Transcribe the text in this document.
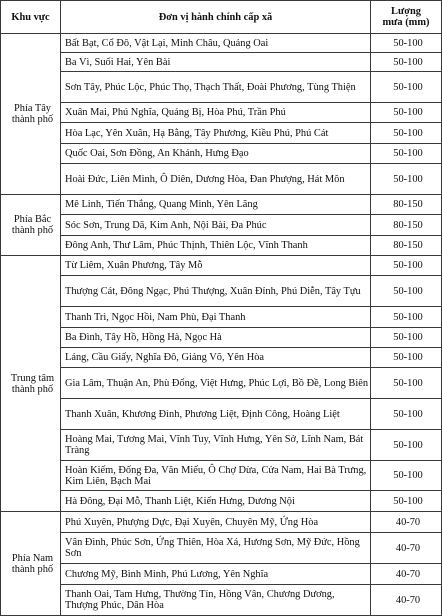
Khu vực	Đơn vị hành chính cấp xã	Lượng
mưa (mm)
Phía Tây
thành phố	Bất Bạt, Cổ Đô, Vật Lại, Minh Châu, Quảng Oai	50-100
	Ba Vì, Suối Hai, Yên Bài	50-100
	Sơn Tây, Phúc Lộc, Phúc Thọ, Thạch Thất, Đoài Phương, Tùng Thiện	50-100
	Xuân Mai, Phú Nghĩa, Quảng Bị, Hòa Phú, Trần Phú	50-100
	Hòa Lạc, Yên Xuân, Hạ Bằng, Tây Phương, Kiều Phú, Phú Cát	50-100
	Quốc Oai, Sơn Đồng, An Khánh, Hưng Đạo	50-100
	Hoài Đức, Liên Minh, Ô Diên, Dương Hòa, Đan Phượng, Hát Môn	50-100
Phía Bắc
thành phố	Mê Linh, Tiến Thắng, Quang Minh, Yên Lãng	80-150
	Sóc Sơn, Trung Dã, Kim Anh, Nội Bài, Đa Phúc	80-150
	Đông Anh, Thư Lâm, Phúc Thịnh, Thiên Lộc, Vĩnh Thanh	80-150
Trung tâm
thành phố	Từ Liêm, Xuân Phương, Tây Mỗ	50-100
	Thượng Cát, Đông Ngạc, Phú Thượng, Xuân Đỉnh, Phú Diễn, Tây Tựu	50-100
	Thanh Trì, Ngọc Hồi, Nam Phù, Đại Thanh	50-100
	Ba Đình, Tây Hồ, Hồng Hà, Ngọc Hà	50-100
	Láng, Cầu Giấy, Nghĩa Đô, Giảng Võ, Yên Hòa	50-100
	Gia Lâm, Thuận An, Phù Đổng, Việt Hưng, Phúc Lợi, Bồ Đề, Long Biên	50-100
	Thanh Xuân, Khương Đình, Phương Liệt, Định Công, Hoàng Liệt	50-100
	Hoàng Mai, Tương Mai, Vĩnh Tuy, Vĩnh Hưng, Yên Sở, Lĩnh Nam, Bát Tràng	50-100
	Hoàn Kiếm, Đống Đa, Văn Miếu, Ô Chợ Dừa, Cửa Nam, Hai Bà Trưng, Kim Liên, Bạch Mai	50-100
	Hà Đông, Đại Mỗ, Thanh Liệt, Kiến Hưng, Dương Nội	50-100
Phía Nam
thành phố	Phú Xuyên, Phượng Dực, Đại Xuyên, Chuyên Mỹ, Ứng Hòa	40-70
	Vân Đình, Phúc Sơn, Ứng Thiên, Hòa Xá, Hương Sơn, Mỹ Đức, Hồng Sơn	40-70
	Chương Mỹ, Bình Minh, Phú Lương, Yên Nghĩa	40-70
	Thanh Oai, Tam Hưng, Thường Tín, Hồng Vân, Chương Dương, Thượng Phúc, Dân Hòa	40-70
